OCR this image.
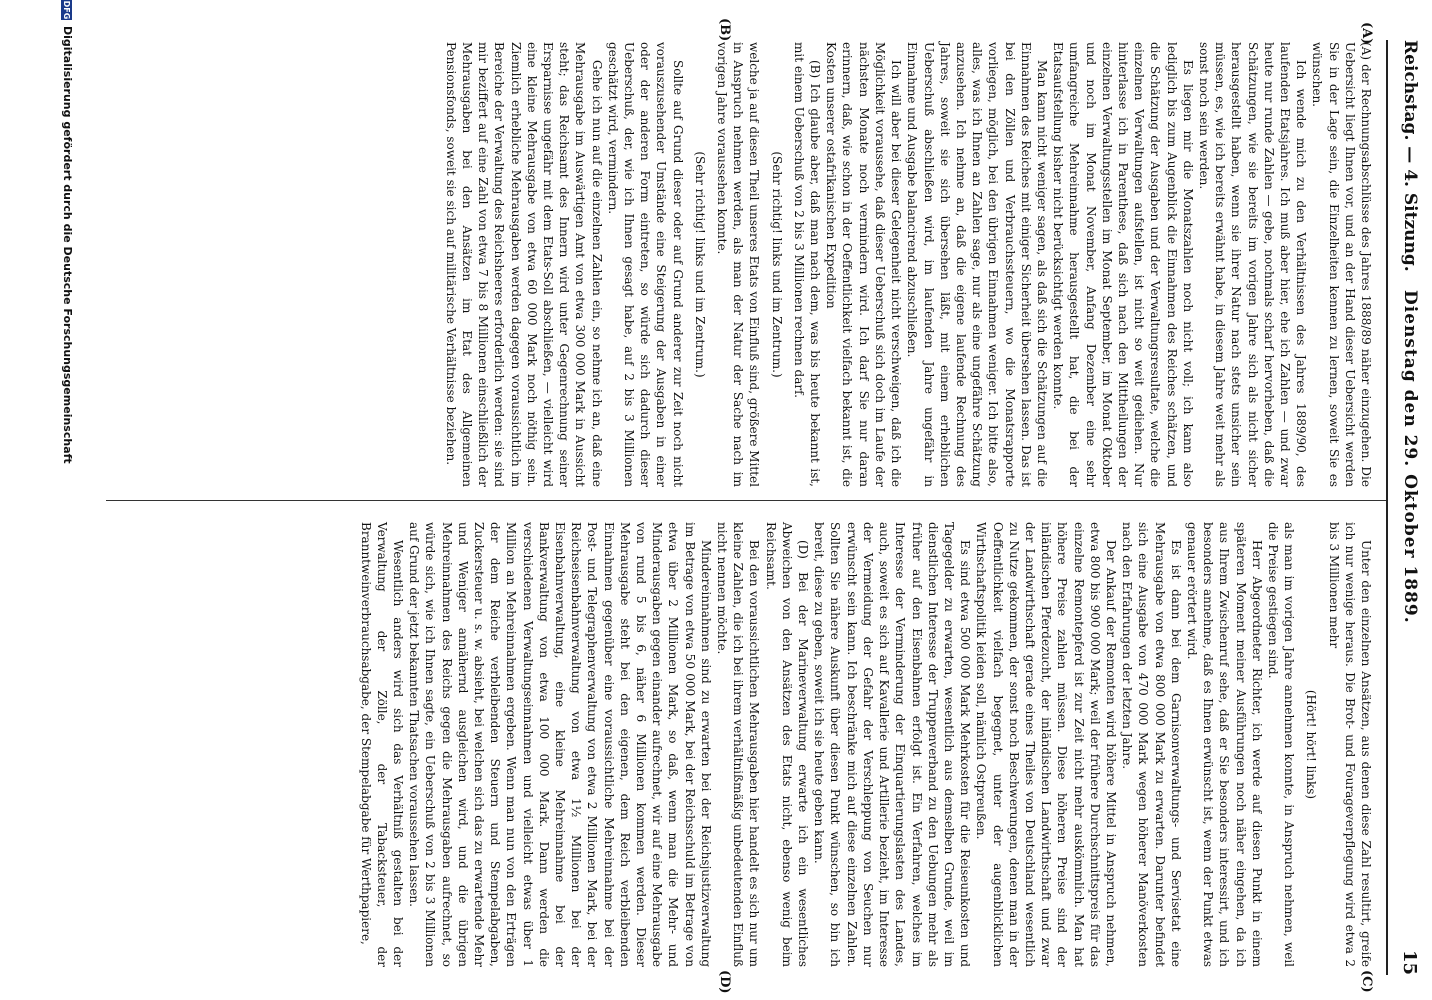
Reichstag. — 4. Sitzung.
Dienstag den 29. Oktober 1889.
15
(A)
(C)
(B)
(D)

(A) der Rechnungsabschlüsse des Jahres 1888/89 näher einzugehen. Die Uebersicht liegt Ihnen vor, und an der Hand dieser Uebersicht werden Sie in der Lage sein, die Einzelheiten kennen zu lernen, soweit Sie es wünschen.

Ich wende mich zu den Verhältnissen des Jahres 1889/90, des laufenden Etatsjahres. Ich muß aber hier, ehe ich Zahlen — und zwar heute nur runde Zahlen — gebe, nochmals scharf hervorheben, daß die Schätzungen, wie sie bereits im vorigen Jahre sich als nicht sicher herausgestellt haben, wenn sie ihrer Natur nach stets unsicher sein müssen, es, wie ich bereits erwähnt habe, in diesem Jahre weit mehr als sonst noch sein werden.

Es liegen mir die Monatszahlen noch nicht voll; ich kann also lediglich bis zum Augenblick die Einnahmen des Reiches schätzen, und die Schätzung der Ausgaben und der Verwaltungsresultate, welche die einzelnen Verwaltungen aufstellen, ist nicht so weit gediehen. Nur hinterlasse ich in Parenthese, daß sich nach den Mittheilungen der einzelnen Verwaltungsstellen im Monat September, im Monat Oktober und noch im Monat November, Anfang Dezember eine sehr umfangreiche Mehreinnahme herausgestellt hat, die bei der Etatsaufstellung bisher nicht berücksichtigt werden konnte.

Man kann nicht weniger sagen, als daß sich die Schätzungen auf die Einnahmen des Reiches mit einiger Sicherheit übersehen lassen. Das ist bei den Zöllen und Verbrauchssteuern, wo die Monatsrapporte vorliegen, möglich, bei den übrigen Einnahmen weniger. Ich bitte also, alles, was ich Ihnen an Zahlen sage, nur als eine ungefähre Schätzung anzusehen. Ich nehme an, daß die eigene laufende Rechnung des Jahres, soweit sie sich übersehen läßt, mit einem erheblichen Ueberschuß abschließen wird, im laufenden Jahre ungefähr in Einnahme und Ausgabe balancirend abzuschließen.

Ich will aber bei dieser Gelegenheit nicht verschweigen, daß ich die Möglichkeit voraussehe, daß dieser Ueberschuß sich doch im Laufe der nächsten Monate noch vermindern wird. Ich darf Sie nur daran erinnern, daß, wie schon in der Oeffentlichkeit vielfach bekannt ist, die Kosten unserer ostafrikanischen Expedition

(B) Ich glaube aber, daß man nach dem, was bis heute bekannt ist, mit einem Ueberschuß von 2 bis 3 Millionen rechnen darf.

(Sehr richtig! links und im Zentrum.)

welche ja auf diesen Theil unseres Etats von Einfluß sind, größere Mittel in Anspruch nehmen werden, als man der Natur der Sache nach im vorigen Jahre voraussehen konnte.

(Sehr richtig! links und im Zentrum.)

Sollte auf Grund dieser oder auf Grund anderer zur Zeit noch nicht vorauszusehender Umstände eine Steigerung der Ausgaben in einer oder der anderen Form eintreten, so würde sich dadurch dieser Ueberschuß, der, wie ich Ihnen gesagt habe, auf 2 bis 3 Millionen geschätzt wird, vermindern.

Gehe ich nun auf die einzelnen Zahlen ein, so nehme ich an, daß eine Mehrausgabe im Auswärtigen Amt von etwa 300 000 Mark in Aussicht steht; das Reichsamt des Innern wird unter Gegenrechnung seiner Ersparnisse ungefähr mit dem Etats-Soll abschließen, — vielleicht wird eine kleine Mehrausgabe von etwa 60 000 Mark noch nöthig sein. Ziemlich erhebliche Mehrausgaben werden dagegen voraussichtlich im Bereiche der Verwaltung des Reichsheeres erforderlich werden: sie sind mir beziffert auf eine Zahl von etwa 7 bis 8 Millionen einschließlich der Mehrausgaben bei den Ansätzen im Etat des Allgemeinen Pensionsfonds, soweit sie sich auf militärische Verhältnisse beziehen.

Unter den einzelnen Ansätzen, aus denen diese Zahl resultirt, greife ich nur wenige heraus. Die Brot- und Fourageverpflegung wird etwa 2 bis 3 Millionen mehr

(Hört! hört! links)

als man im vorigen Jahre annehmen konnte, in Anspruch nehmen, weil die Preise gestiegen sind.

Herr Abgeordneter Richter, ich werde auf diesen Punkt in einem späteren Moment meiner Ausführungen noch näher eingehen, da ich aus Ihrem Zwischenruf sehe, daß er Sie besonders interessirt, und ich besonders annehme, daß es Ihnen erwünscht ist, wenn der Punkt etwas genauer erörtert wird.

Es ist dann bei dem Garnisonverwaltungs- und Servisetat eine Mehrausgabe von etwa 800 000 Mark zu erwarten. Darunter befindet sich eine Ausgabe von 470 000 Mark wegen höherer Manöverkosten nach den Erfahrungen der letzten Jahre.

Der Ankauf der Remonten wird höhere Mittel in Anspruch nehmen, etwa 800 bis 900 000 Mark; weil der frühere Durchschnittspreis für das einzelne Remontepferd ist zur Zeit nicht mehr auskömmlich. Man hat höhere Preise zahlen müssen. Diese höheren Preise sind der inländischen Pferdezucht, der inländischen Landwirthschaft und zwar der Landwirthschaft gerade eines Theiles von Deutschland wesentlich zu Nutze gekommen, der sonst noch Beschwerungen, denen man in der Oeffentlichkeit vielfach begegnet, unter der augenblicklichen Wirthschaftspolitik leiden soll, nämlich Ostpreußen.

Es sind etwa 500 000 Mark Mehrkosten für die Reiseunkosten und Tagegelder zu erwarten, wesentlich aus demselben Grunde, weil im dienstlichen Interesse der Truppenverband zu den Uebungen mehr als früher auf den Eisenbahnen erfolgt ist. Ein Verfahren, welches im Interesse der Verminderung der Einquartierungslasten des Landes, auch, soweit es sich auf Kavallerie und Artillerie bezieht, im Interesse der Vermeidung der Gefahr der Verschleppung von Seuchen nur erwünscht sein kann. Ich beschränke mich auf diese einzelnen Zahlen. Sollten Sie nähere Auskunft über diesen Punkt wünschen, so bin ich bereit, diese zu geben, soweit ich sie heute geben kann.

(D) Bei der Marineverwaltung erwarte ich ein wesentliches Abweichen von den Ansätzen des Etats nicht, ebenso wenig beim Reichsamt.

Bei den voraussichtlichen Mehrausgaben hier handelt es sich nur um kleine Zahlen, die ich bei ihrem verhältnißmäßig unbedeutenden Einfluß nicht nennen möchte.

Mindereinnahmen sind zu erwarten bei der Reichsjustizverwaltung im Betrage von etwa 50 000 Mark, bei der Reichsschuld im Betrage von etwa über 2 Millionen Mark, so daß, wenn man die Mehr- und Minderausgaben gegen einander aufrechnet, wir auf eine Mehrausgabe von rund 5 bis 6, näher 6 Millionen kommen werden. Dieser Mehrausgabe steht bei den eigenen, dem Reich verbleibenden Einnahmen gegenüber eine voraussichtliche Mehreinnahme bei der Post- und Telegraphenverwaltung von etwa 2 Millionen Mark, bei der Reichseisenbahnverwaltung von etwa 1½ Millionen bei der Eisenbahnverwaltung, eine kleine Mehreinnahme bei der Bankverwaltung von etwa 100 000 Mark. Dann werden die verschiedenen Verwaltungseinnahmen und vielleicht etwas über 1 Million an Mehreinnahmen ergeben. Wenn man nun von den Erträgen der dem Reiche verbleibenden Steuern und Stempelabgaben, Zuckersteuer u. s. w. absieht, bei welchen sich das zu erwartende Mehr und Weniger annähernd ausgleichen wird, und die übrigen Mehreinnahmen des Reichs gegen die Mehrausgaben aufrechnet, so würde sich, wie ich Ihnen sagte, ein Ueberschuß von 2 bis 3 Millionen auf Grund der jetzt bekannten Thatsachen voraussehen lassen.

Wesentlich anders wird sich das Verhältniß gestalten bei der Verwaltung der Zölle, der Tabacksteuer, der Branntweinverbrauchsabgabe, der Stempelabgabe für Werthpapiere,

DFGDigitalisierung gefördert durch die Deutsche Forschungsgemeinschaft
